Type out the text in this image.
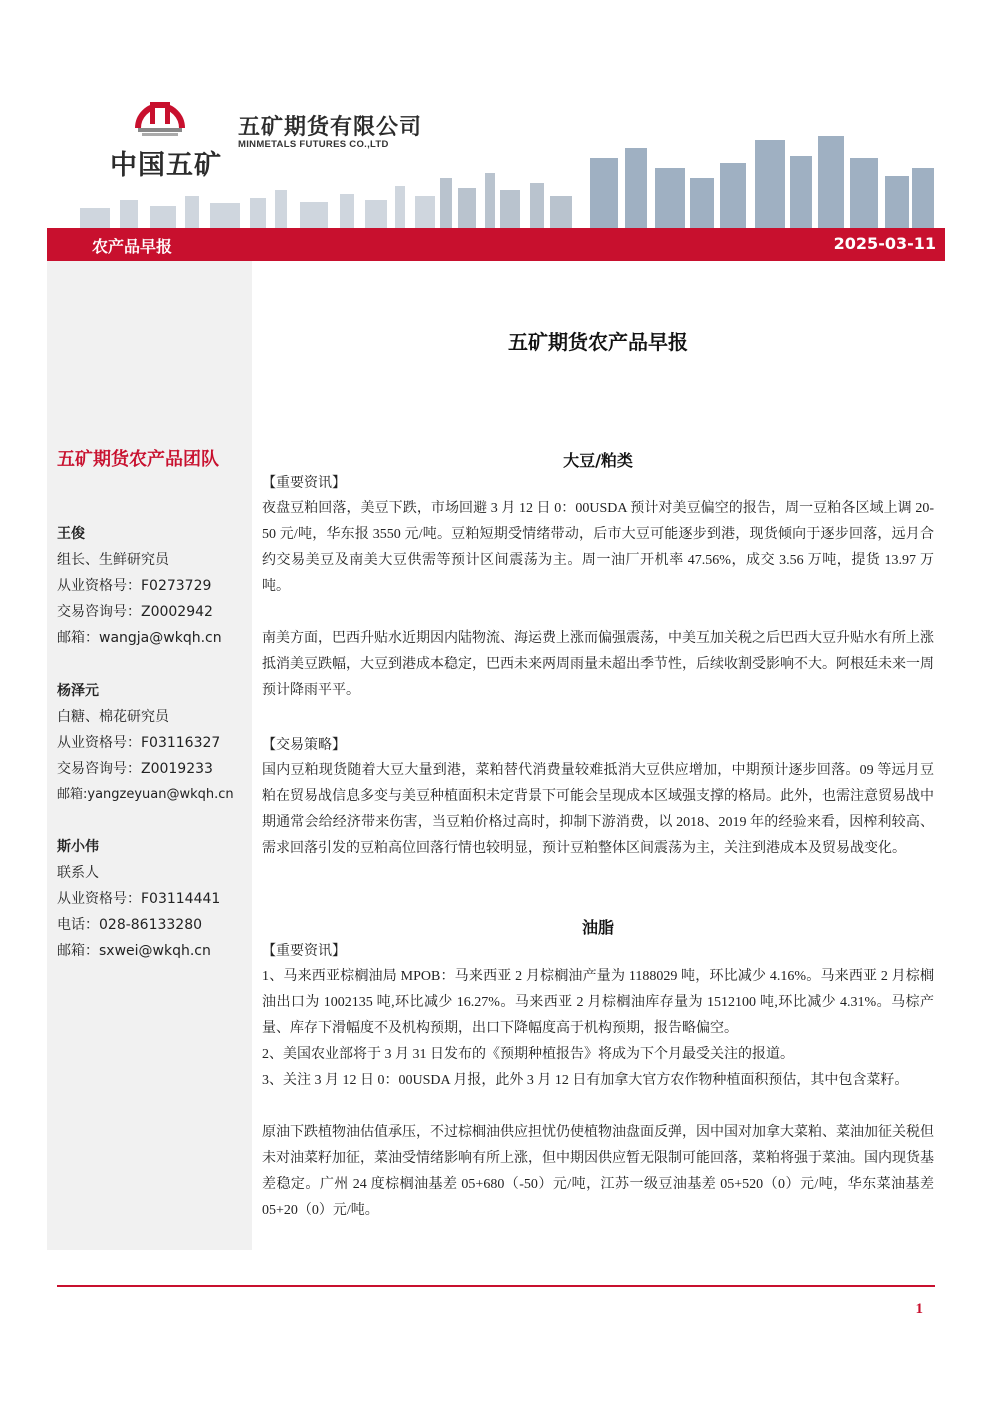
中国五矿
五矿期货有限公司
MINMETALS FUTURES CO.,LTD
农产品早报	2025-03-11
五矿期货农产品团队
王俊
组长、生鲜研究员
从业资格号：F0273729
交易咨询号：Z0002942
邮箱：wangja@wkqh.cn
杨泽元
白糖、棉花研究员
从业资格号：F03116327
交易咨询号：Z0019233
邮箱:yangzeyuan@wkqh.cn
斯小伟
联系人
从业资格号：F03114441
电话：028-86133280
邮箱：sxwei@wkqh.cn
五矿期货农产品早报
大豆/粕类
【重要资讯】

夜盘豆粕回落，美豆下跌，市场回避 3 月 12 日 0：00USDA 预计对美豆偏空的报告，周一豆粕各区域上调 20-50 元/吨，华东报 3550 元/吨。豆粕短期受情绪带动，后市大豆可能逐步到港，现货倾向于逐步回落，远月合约交易美豆及南美大豆供需等预计区间震荡为主。周一油厂开机率 47.56%，成交 3.56 万吨，提货 13.97 万吨。

南美方面，巴西升贴水近期因内陆物流、海运费上涨而偏强震荡，中美互加关税之后巴西大豆升贴水有所上涨抵消美豆跌幅，大豆到港成本稳定，巴西未来两周雨量未超出季节性，后续收割受影响不大。阿根廷未来一周预计降雨平平。

【交易策略】

国内豆粕现货随着大豆大量到港，菜粕替代消费量较难抵消大豆供应增加，中期预计逐步回落。09 等远月豆粕在贸易战信息多变与美豆种植面积未定背景下可能会呈现成本区域强支撑的格局。此外，也需注意贸易战中期通常会给经济带来伤害，当豆粕价格过高时，抑制下游消费，以 2018、2019 年的经验来看，因榨利较高、需求回落引发的豆粕高位回落行情也较明显，预计豆粕整体区间震荡为主，关注到港成本及贸易战变化。

油脂
【重要资讯】

1、马来西亚棕榈油局 MPOB：马来西亚 2 月棕榈油产量为 1188029 吨，环比减少 4.16%。马来西亚 2 月棕榈油出口为 1002135 吨,环比减少 16.27%。马来西亚 2 月棕榈油库存量为 1512100 吨,环比减少 4.31%。马棕产量、库存下滑幅度不及机构预期，出口下降幅度高于机构预期，报告略偏空。

2、美国农业部将于 3 月 31 日发布的《预期种植报告》将成为下个月最受关注的报道。

3、关注 3 月 12 日 0：00USDA 月报，此外 3 月 12 日有加拿大官方农作物种植面积预估，其中包含菜籽。

原油下跌植物油估值承压，不过棕榈油供应担忧仍使植物油盘面反弹，因中国对加拿大菜粕、菜油加征关税但未对油菜籽加征，菜油受情绪影响有所上涨，但中期因供应暂无限制可能回落，菜粕将强于菜油。国内现货基差稳定。广州 24 度棕榈油基差 05+680（-50）元/吨，江苏一级豆油基差 05+520（0）元/吨，华东菜油基差 05+20（0）元/吨。

1
